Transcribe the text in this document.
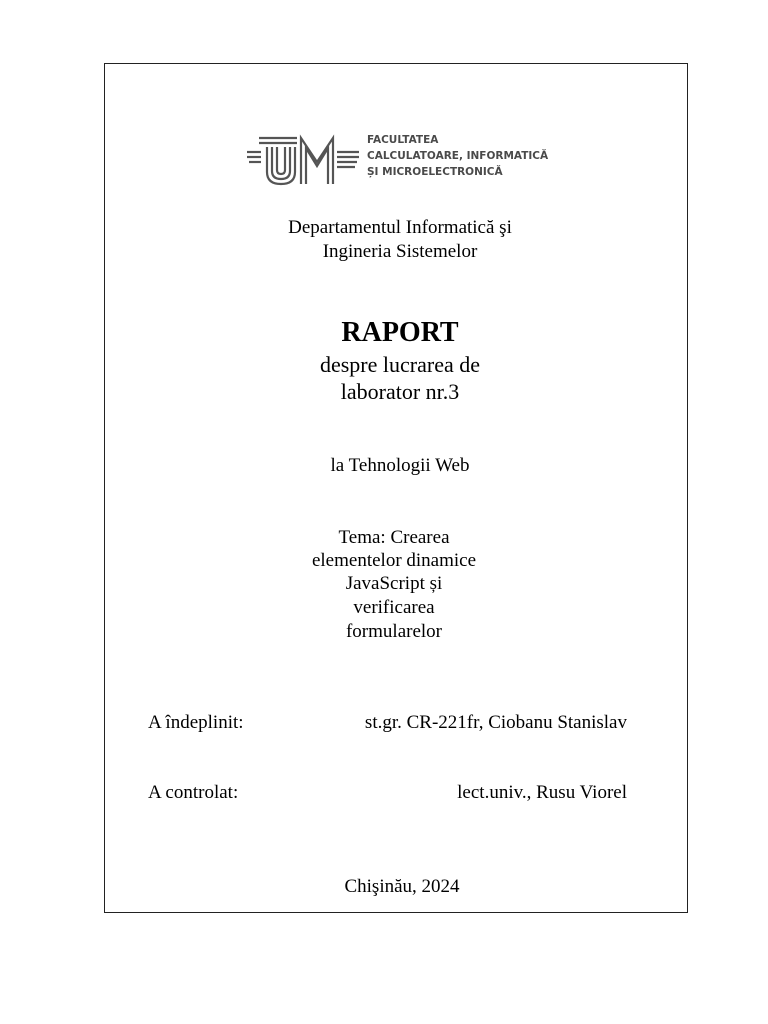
FACULTATEA
CALCULATOARE, INFORMATICĂ
ȘI MICROELECTRONICĂ
Departamentul Informatică şi
Ingineria Sistemelor
RAPORT
despre lucrarea de
laborator nr.3
la Tehnologii Web
Tema: Crearea
elementelor dinamice
JavaScript și
verificarea
formularelor
A îndeplinit:	st.gr. CR-221fr, Ciobanu Stanislav
A controlat:	lect.univ., Rusu Viorel
Chişinău, 2024
